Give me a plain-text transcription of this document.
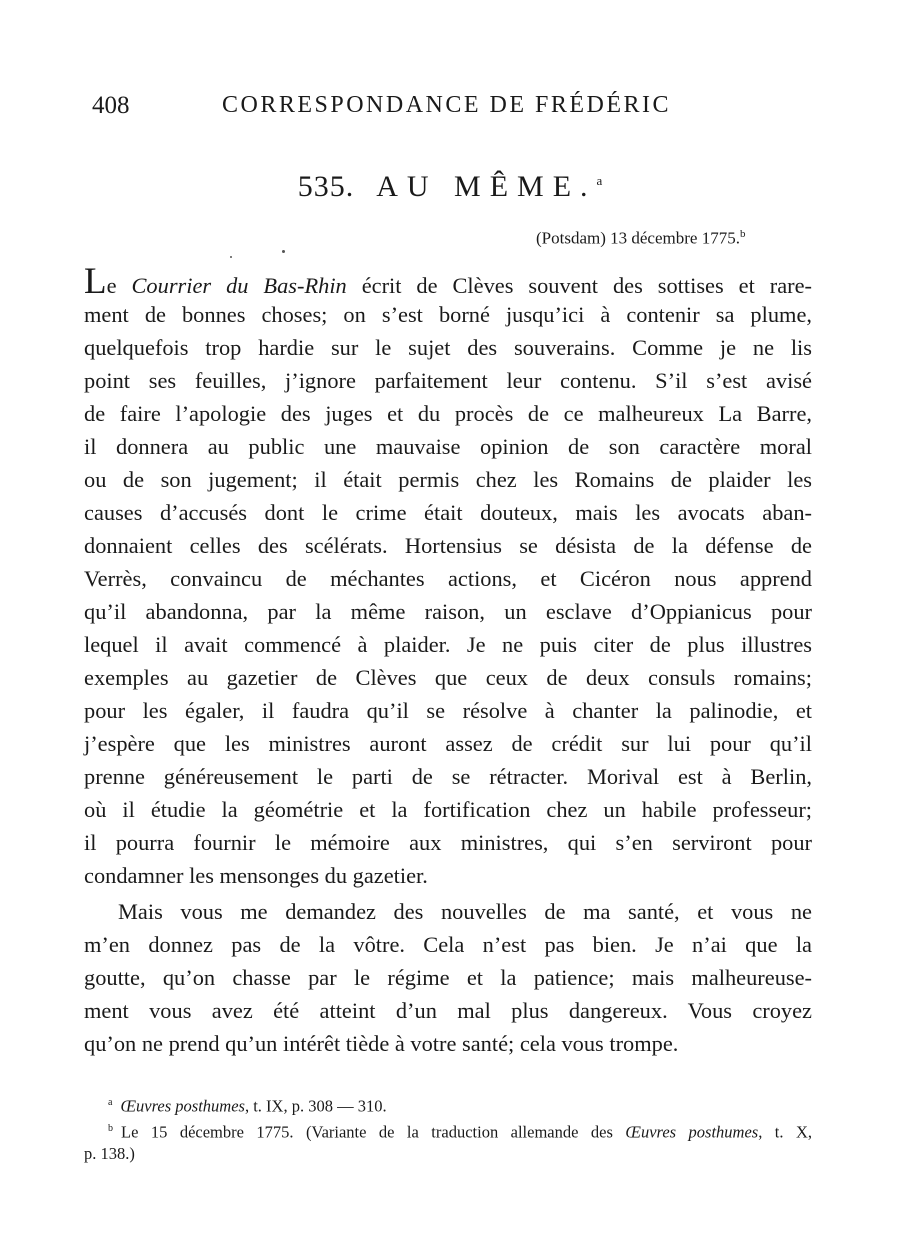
408	CORRESPONDANCE DE FRÉDÉRIC
535. AU MÊME.$^a$
(Potsdam) 13 décembre 1775.$^b$
Le Courrier du Bas-Rhin écrit de Clèves souvent des sottises et rare-
ment de bonnes choses; on s’est borné jusqu’ici à contenir sa plume,
quelquefois trop hardie sur le sujet des souverains. Comme je ne lis
point ses feuilles, j’ignore parfaitement leur contenu. S’il s’est avisé
de faire l’apologie des juges et du procès de ce malheureux La Barre,
il donnera au public une mauvaise opinion de son caractère moral
ou de son jugement; il était permis chez les Romains de plaider les
causes d’accusés dont le crime était douteux, mais les avocats aban-
donnaient celles des scélérats. Hortensius se désista de la défense de
Verrès, convaincu de méchantes actions, et Cicéron nous apprend
qu’il abandonna, par la même raison, un esclave d’Oppianicus pour
lequel il avait commencé à plaider. Je ne puis citer de plus illustres
exemples au gazetier de Clèves que ceux de deux consuls romains;
pour les égaler, il faudra qu’il se résolve à chanter la palinodie, et
j’espère que les ministres auront assez de crédit sur lui pour qu’il
prenne généreusement le parti de se rétracter. Morival est à Berlin,
où il étudie la géométrie et la fortification chez un habile professeur;
il pourra fournir le mémoire aux ministres, qui s’en serviront pour
condamner les mensonges du gazetier.
Mais vous me demandez des nouvelles de ma santé, et vous ne
m’en donnez pas de la vôtre. Cela n’est pas bien. Je n’ai que la
goutte, qu’on chasse par le régime et la patience; mais malheureuse-
ment vous avez été atteint d’un mal plus dangereux. Vous croyez
qu’on ne prend qu’un intérêt tiède à votre santé; cela vous trompe.
$^a$ Œuvres posthumes, t. IX, p. 308 — 310.
$^b$ Le 15 décembre 1775. (Variante de la traduction allemande des Œuvres posthumes, t. X,
p. 138.)
